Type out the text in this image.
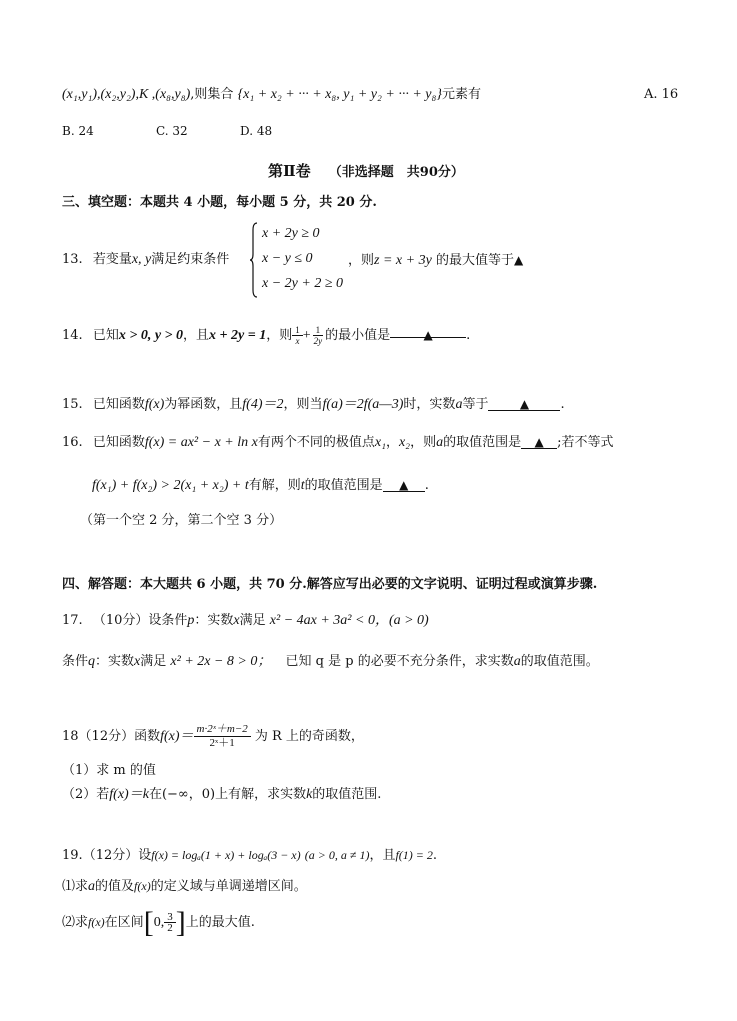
(x₁,y₁),(x₂,y₂),K ,(x₈,y₈),则集合 {x₁ + x₂ + ··· + x₈, y₁ + y₂ + ··· + y₈}元素有	A. 16
B. 24	C. 32	D. 48
第Ⅱ卷 （非选择题　共90分）
三、填空题：本题共 4 小题，每小题 5 分，共 20 分.
13. 若变量x, y满足约束条件
x + 2y ≥ 0
x − y ≤ 0
x − 2y + 2 ≥ 0
，则z = x + 3y 的最大值等于▲
14. 已知x > 0, y > 0，且x + 2y = 1，则 $\frac{1}{x} + \frac{1}{2y}$ 的最小值是	▲	.
15. 已知函数f(x)为幂函数，且f(4)＝2，则当f(a)＝2f(a—3)时，实数a等于	▲ .
16. 已知函数f(x) = ax² − x + ln x有两个不同的极值点x₁，x₂，则a的取值范围是 ▲ ;若不等式
f(x₁) + f(x₂) > 2(x₁ + x₂) + t有解，则t的取值范围是 ▲ .
（第一个空 2 分，第二个空 3 分）
四、解答题：本大题共 6 小题，共 70 分.解答应写出必要的文字说明、证明过程或演算步骤.
17. （10分）设条件p：实数x满足 x² − 4ax + 3a² < 0，(a > 0)
条件q：实数x满足 x² + 2x − 8 > 0； 已知 q 是 p 的必要不充分条件，求实数a的取值范围。
18（12分）函数$f(x)= \frac{\text{m·2ˣ＋m−2}}{\text{2ˣ＋1}}$ 为 R 上的奇函数，
（1）求 m 的值
（2）若f(x)＝k在(−∞，0)上有解，求实数k的取值范围.
19.（12分）设f(x) = logₐ(1 + x) + logₐ(3 − x) (a > 0, a ≠ 1)，且f(1) = 2.
⑴求a的值及f(x)的定义域与单调递增区间。
⑵求f(x)在区间[0, $\frac{3}{2}$ ]上的最大值.
